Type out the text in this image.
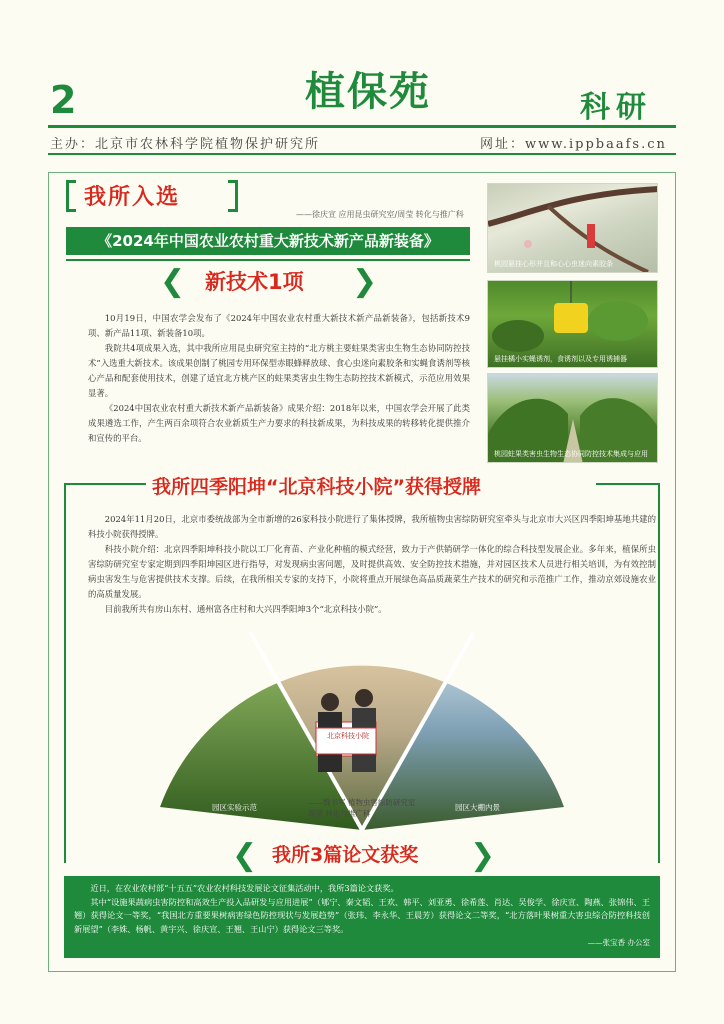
2	植保苑	科研
主办：北京市农林科学院植物保护研究所	网址：www.ippbaafs.cn
我所入选
——徐庆宣 应用昆虫研究室/周莹 转化与推广科
《2024年中国农业农村重大新技术新产品新装备》
❮ 新技术1项 ❯

10月19日，中国农学会发布了《2024年中国农业农村重大新技术新产品新装备》，包括新技术9项、新产品11项、新装备10项。

我院共4项成果入选，其中我所应用昆虫研究室主持的“北方桃主要蛀果类害虫生物生态协同防控技术”入选重大新技术。该成果创制了桃园专用环保型赤眼蜂释放球、食心虫迷向素胶条和实蝇食诱剂等核心产品和配套使用技术，创建了适宜北方桃产区的蛀果类害虫生物生态防控技术新模式，示范应用效果显著。

《2024中国农业农村重大新技术新产品新装备》成果介绍：2018年以来，中国农学会开展了此类成果遴选工作，产生两百余项符合农业新质生产力要求的科技新成果，为科技成果的转移转化提供推介和宣传的平台。

桃园悬挂心形并且和心心虫迷向素胶条
悬挂橘小实蝇诱剂，食诱剂以及专用诱捕器
桃园蛀果类害虫生物生态协同防控技术集成与应用
我所四季阳坤“北京科技小院”获得授牌

2024年11月20日，北京市委统战部为全市新增的26家科技小院进行了集体授牌，我所植物虫害综防研究室牵头与北京市大兴区四季阳坤基地共建的科技小院获得授牌。

科技小院介绍：北京四季阳坤科技小院以工厂化育苗、产业化种植的模式经营，致力于产供销研学一体化的综合科技型发展企业。多年来，植保所虫害综防研究室专家定期到四季阳坤园区进行指导，对发现病虫害问题，及时提供高效、安全防控技术措施，并对园区技术人员进行相关培训，为有效控制病虫害发生与危害提供技术支撑。后续，在我所相关专家的支持下，小院将重点开展绿色高品质蔬菜生产技术的研究和示范推广工作，推动京郊设施农业的高质量发展。

目前我所共有房山东村、通州富各庄村和大兴四季阳坤3个“北京科技小院”。

北京科技小院
园区实验示范	园区大棚内景
——魏书军 植物虫害综防研究室
周莹 转化与推广科
❮ 我所3篇论文获奖 ❯

近日，在农业农村部“十五五”农业农村科技发展论文征集活动中，我所3篇论文获奖。

其中“设施果蔬病虫害防控和高效生产投入品研发与应用进展”（郇宁、秦文韬、王欢、韩平、刘亚勇、徐希莲、肖达、吴俊学、徐庆宣、陶燕、张锦伟、王翘）获得论文一等奖，“我国北方重要果树病害绿色防控现状与发展趋势”（张玮、李永华、王晨芳）获得论文二等奖，“北方落叶果树重大害虫综合防控科技创新展望”（李姝、杨帆、黄宇兴、徐庆宣、王翘、王山宁）获得论文三等奖。

——张宝香 办公室
